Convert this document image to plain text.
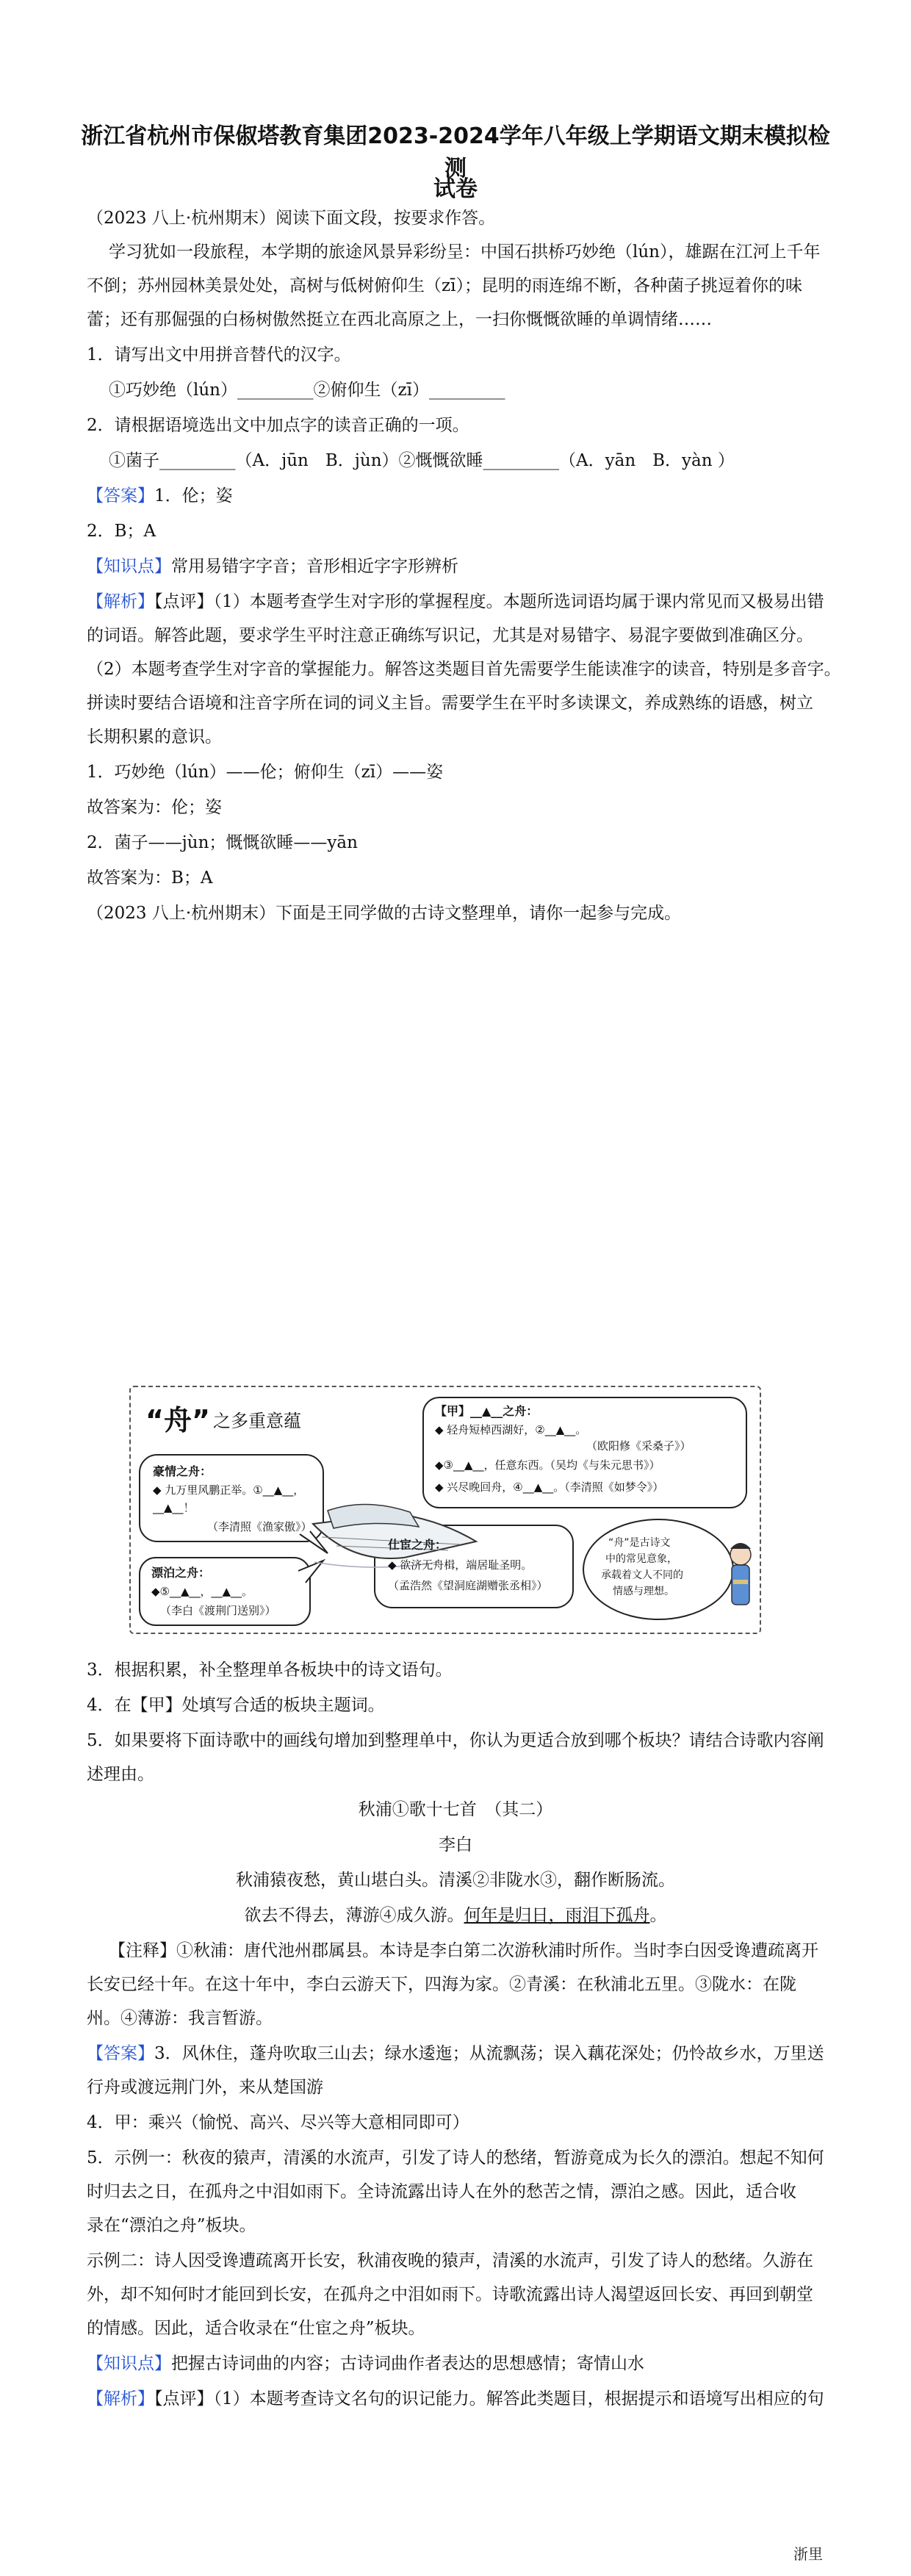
浙江省杭州市保俶塔教育集团2023-2024学年八年级上学期语文期末模拟检测
试卷
（2023 八上·杭州期末）阅读下面文段，按要求作答。
学习犹如一段旅程，本学期的旅途风景异彩纷呈：中国石拱桥巧妙绝（lún），雄踞在江河上千年
不倒；苏州园林美景处处，高树与低树俯仰生（zī）；昆明的雨连绵不断，各种菌子挑逗着你的味
蕾；还有那倔强的白杨树傲然挺立在西北高原之上，一扫你慨慨欲睡的单调情绪……
1．请写出文中用拼音替代的汉字。
①巧妙绝（lún）_________②俯仰生（zī）_________
2．请根据语境选出文中加点字的读音正确的一项。
①菌子_________（A．jūn　B．jùn）②慨慨欲睡_________（A．yān　B．yàn ）
【答案】1．伦；姿
2．B；A
【知识点】常用易错字字音；音形相近字字形辨析
【解析】【点评】（1）本题考查学生对字形的掌握程度。本题所选词语均属于课内常见而又极易出错
的词语。解答此题，要求学生平时注意正确练写识记，尤其是对易错字、易混字要做到准确区分。
（2）本题考查学生对字音的掌握能力。解答这类题目首先需要学生能读准字的读音，特别是多音字。
拼读时要结合语境和注音字所在词的词义主旨。需要学生在平时多读课文，养成熟练的语感，树立
长期积累的意识。
1．巧妙绝（lún）——伦；俯仰生（zī）——姿
故答案为：伦；姿
2．菌子——jùn；慨慨欲睡——yān
故答案为：B；A
（2023 八上·杭州期末）下面是王同学做的古诗文整理单，请你一起参与完成。
“舟” 之多重意蕴	【甲】__▲__之舟：
◆ 轻舟短棹西湖好，②__▲__。
（欧阳修《采桑子》）
◆③__▲__，任意东西。（吴均《与朱元思书》）
◆ 兴尽晚回舟，④__▲__。（李清照《如梦令》）
豪情之舟：
◆ 九万里风鹏正举。①__▲__，
__▲__！
（李清照《渔家傲》）
漂泊之舟：
◆⑤__▲__，__▲__。
（李白《渡荆门送别》）
仕宦之舟：
◆ 欲济无舟楫，端居耻圣明。
（孟浩然《望洞庭湖赠张丞相》）
“舟”是古诗文
中的常见意象，
承载着文人不同的
情感与理想。
3．根据积累，补全整理单各板块中的诗文语句。
4．在【甲】处填写合适的板块主题词。
5．如果要将下面诗歌中的画线句增加到整理单中，你认为更适合放到哪个板块？请结合诗歌内容阐
述理由。
秋浦①歌十七首　（其二）
李白
秋浦猿夜愁，黄山堪白头。清溪②非陇水③，翻作断肠流。
欲去不得去，薄游④成久游。何年是归日，雨泪下孤舟。
【注释】①秋浦：唐代池州郡属县。本诗是李白第二次游秋浦时所作。当时李白因受谗遭疏离开
长安已经十年。在这十年中，李白云游天下，四海为家。②青溪：在秋浦北五里。③陇水：在陇
州。④薄游：我言暂游。
【答案】3．风休住，蓬舟吹取三山去；绿水逶迤；从流飘荡；误入藕花深处；仍怜故乡水，万里送
行舟或渡远荆门外，来从楚国游
4．甲：乘兴（愉悦、高兴、尽兴等大意相同即可）
5．示例一：秋夜的猿声，清溪的水流声，引发了诗人的愁绪，暂游竟成为长久的漂泊。想起不知何
时归去之日，在孤舟之中泪如雨下。全诗流露出诗人在外的愁苦之情，漂泊之感。因此，适合收
录在“漂泊之舟”板块。
示例二：诗人因受谗遭疏离开长安，秋浦夜晚的猿声，清溪的水流声，引发了诗人的愁绪。久游在
外，却不知何时才能回到长安，在孤舟之中泪如雨下。诗歌流露出诗人渴望返回长安、再回到朝堂
的情感。因此，适合收录在“仕宦之舟”板块。
【知识点】把握古诗词曲的内容；古诗词曲作者表达的思想感情；寄情山水
【解析】【点评】（1）本题考查诗文名句的识记能力。解答此类题目，根据提示和语境写出相应的句
浙里
